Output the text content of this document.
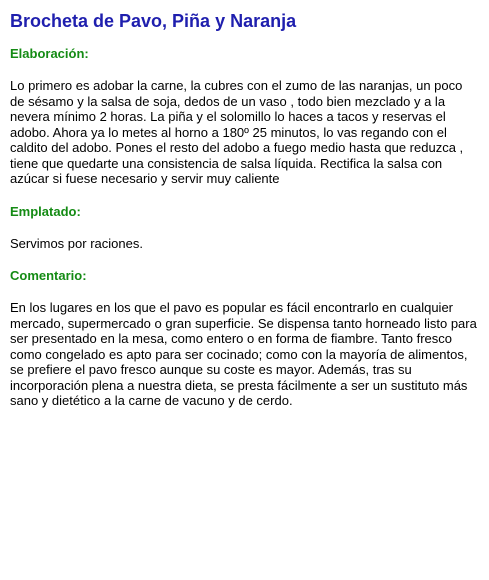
Brocheta de Pavo, Piña y Naranja
Elaboración:

Lo primero es adobar la carne, la cubres con el zumo de las naranjas, un poco de sésamo y la salsa de soja, dedos de un vaso , todo bien mezclado y a la nevera mínimo 2 horas. La piña y el solomillo lo haces a tacos y reservas el adobo. Ahora ya lo metes al horno a 180º 25 minutos, lo vas regando con el caldito del adobo. Pones el resto del adobo a fuego medio hasta que reduzca , tiene que quedarte una consistencia de salsa líquida. Rectifica la salsa con azúcar si fuese necesario y servir muy caliente

Emplatado:

Servimos por raciones.

Comentario:

En los lugares en los que el pavo es popular es fácil encontrarlo en cualquier mercado, supermercado o gran superficie. Se dispensa tanto horneado listo para ser presentado en la mesa, como entero o en forma de fiambre. Tanto fresco como congelado es apto para ser cocinado; como con la mayoría de alimentos, se prefiere el pavo fresco aunque su coste es mayor. Además, tras su incorporación plena a nuestra dieta, se presta fácilmente a ser un sustituto más sano y dietético a la carne de vacuno y de cerdo.
